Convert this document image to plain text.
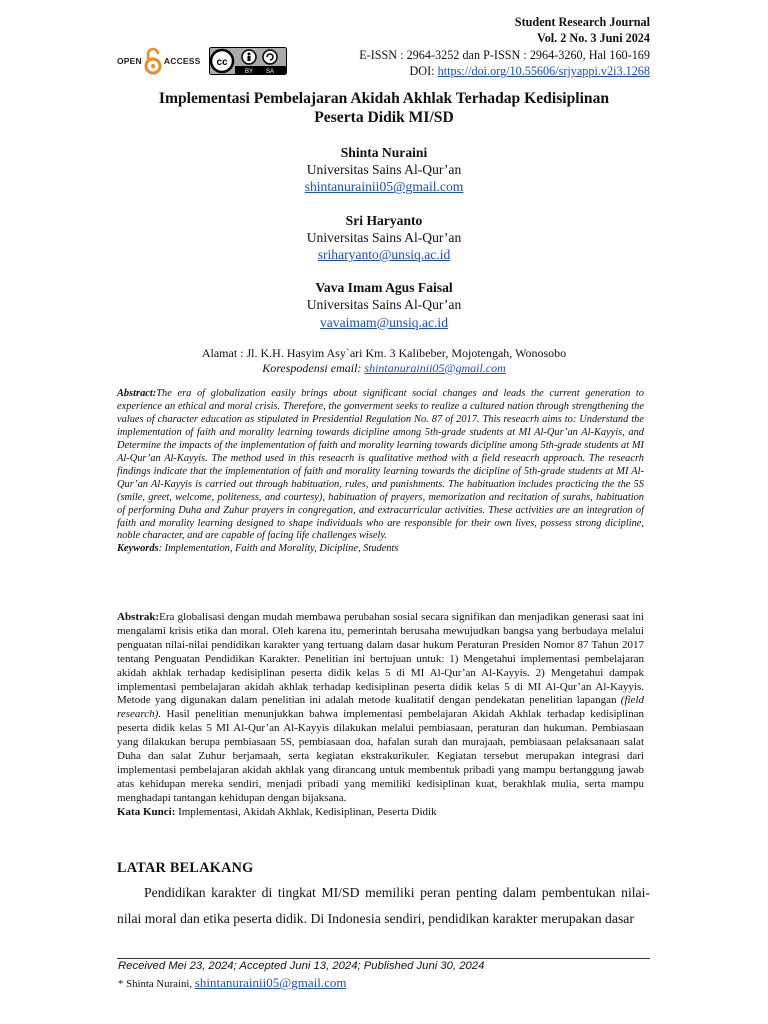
Student Research Journal
Vol. 2 No. 3 Juni 2024
E-ISSN : 2964-3252 dan P-ISSN : 2964-3260, Hal 160-169
DOI: https://doi.org/10.55606/srjyappi.v2i3.1268
OPEN	ACCESS cc
BY SA
Implementasi Pembelajaran Akidah Akhlak Terhadap Kedisiplinan
Peserta Didik MI/SD
Shinta Nuraini
Universitas Sains Al-Qur’an
shintanurainii05@gmail.com
Sri Haryanto
Universitas Sains Al-Qur’an
sriharyanto@unsiq.ac.id
Vava Imam Agus Faisal
Universitas Sains Al-Qur’an
vavaimam@unsiq.ac.id
Alamat : Jl. K.H. Hasyim Asy`ari Km. 3 Kalibeber, Mojotengah, Wonosobo
Korespodensi email: shintanurainii05@gmail.com
Abstract:The era of globalization easily brings about significant social changes and leads the current generation to experience an ethical and moral crisis. Therefore, the gonverment seeks to realize a cultured nation through strengthening the values of character education as stipulated in Presidential Regulation No. 87 of 2017. This reseacrh aims to: Understand the implementation of faith and morality learning towards dicipline among 5th-grade students at MI Al-Qur’an Al-Kayyis, and Determine the impacts of the implementation of faith and morality learning towards dicipline among 5th-grade students at MI Al-Qur’an Al-Kayyis. The method used in this reseacrh is qualitative method with a field reseacrh approach. The reseacrh findings indicate that the implementation of faith and morality learning towards the dicipline of 5th-grade students at MI Al-Qur’an Al-Kayyis is carried out through habituation, rules, and punishments. The habituation includes practicing the the 5S (smile, greet, welcome, politeness, and courtesy), habituation of prayers, memorization and recitation of surahs, habituation of performing Duha and Zuhur prayers in congregation, and extracurricular activities. These activities are an integration of faith and morality learning designed to shape individuals who are responsible for their own lives, possess strong dicipline, noble character, and are capable of facing life challenges wisely.
Keywords: Implementation, Faith and Morality, Dicipline, Students
Abstrak:Era globalisasi dengan mudah membawa perubahan sosial secara signifikan dan menjadikan generasi saat ini mengalami krisis etika dan moral. Oleh karena itu, pemerintah berusaha mewujudkan bangsa yang berbudaya melalui penguatan nilai-nilai pendidikan karakter yang tertuang dalam dasar hukum Peraturan Presiden Nomor 87 Tahun 2017 tentang Penguatan Pendidikan Karakter. Penelitian ini bertujuan untuk: 1) Mengetahui implementasi pembelajaran akidah akhlak terhadap kedisiplinan peserta didik kelas 5 di MI Al-Qur’an Al-Kayyis. 2) Mengetahui dampak implementasi pembelajaran akidah akhlak terhadap kedisiplinan peserta didik kelas 5 di MI Al-Qur’an Al-Kayyis. Metode yang digunakan dalam penelitian ini adalah metode kualitatif dengan pendekatan penelitian lapangan (field research). Hasil penelitian menunjukkan bahwa implementasi pembelajaran Akidah Akhlak terhadap kedisiplinan peserta didik kelas 5 MI Al-Qur’an Al-Kayyis dilakukan melalui pembiasaan, peraturan dan hukuman. Pembiasaan yang dilakukan berupa pembiasaan 5S, pembiasaan doa, hafalan surah dan murajaah, pembiasaan pelaksanaan salat Duha dan salat Zuhur berjamaah, serta kegiatan ekstrakurikuler. Kegiatan tersebut merupakan integrasi dari implementasi pembelajaran akidah akhlak yang dirancang untuk membentuk pribadi yang mampu bertanggung jawab atas kehidupan mereka sendiri, menjadi pribadi yang memiliki kedisiplinan kuat, berakhlak mulia, serta mampu menghadapi tantangan kehidupan dengan bijaksana.
Kata Kunci: Implementasi, Akidah Akhlak, Kedisiplinan, Peserta Didik
LATAR BELAKANG
Pendidikan karakter di tingkat MI/SD memiliki peran penting dalam pembentukan nilai-nilai moral dan etika peserta didik. Di Indonesia sendiri, pendidikan karakter merupakan dasar
Received Mei 23, 2024; Accepted Juni 13, 2024; Published Juni 30, 2024
* Shinta Nuraini, shintanurainii05@gmail.com
